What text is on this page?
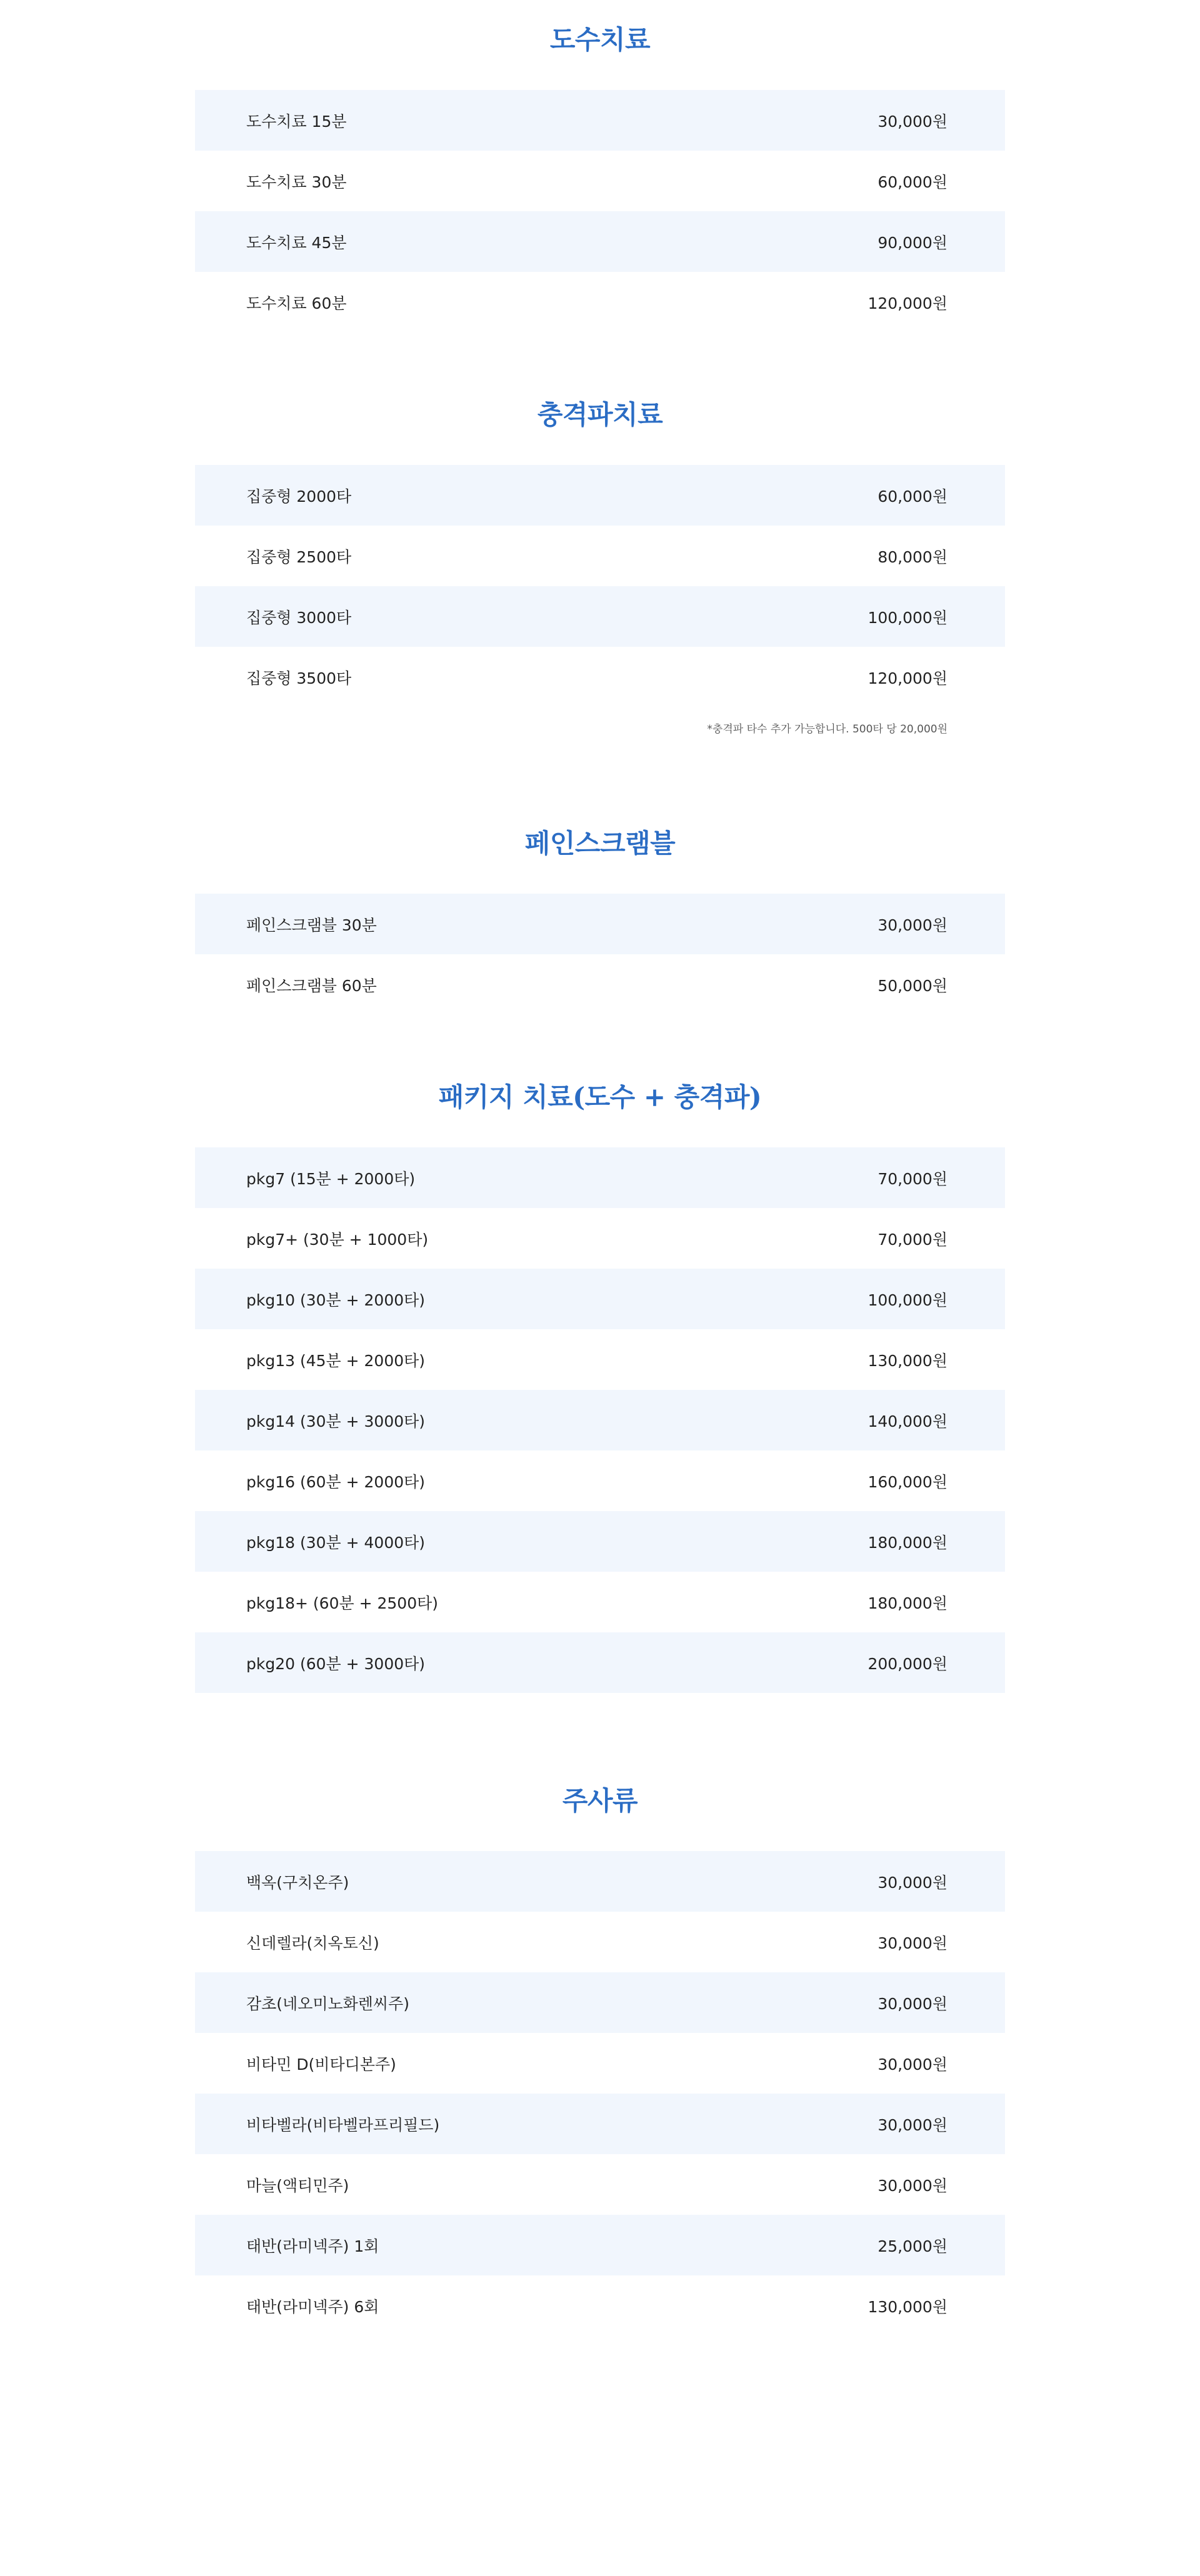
도수치료
도수치료 15분	30,000원
도수치료 30분	60,000원
도수치료 45분	90,000원
도수치료 60분	120,000원
충격파치료
집중형 2000타	60,000원
집중형 2500타	80,000원
집중형 3000타	100,000원
집중형 3500타	120,000원
*충격파 타수 추가 가능합니다. 500타 당 20,000원
페인스크램블
페인스크램블 30분	30,000원
페인스크램블 60분	50,000원
패키지 치료(도수 + 충격파)
pkg7 (15분 + 2000타)	70,000원
pkg7+ (30분 + 1000타)	70,000원
pkg10 (30분 + 2000타)	100,000원
pkg13 (45분 + 2000타)	130,000원
pkg14 (30분 + 3000타)	140,000원
pkg16 (60분 + 2000타)	160,000원
pkg18 (30분 + 4000타)	180,000원
pkg18+ (60분 + 2500타)	180,000원
pkg20 (60분 + 3000타)	200,000원
주사류
백옥(구치온주)	30,000원
신데렐라(치옥토신)	30,000원
감초(네오미노화렌씨주)	30,000원
비타민 D(비타디본주)	30,000원
비타벨라(비타벨라프리필드)	30,000원
마늘(액티민주)	30,000원
태반(라미넥주) 1회	25,000원
태반(라미넥주) 6회	130,000원
